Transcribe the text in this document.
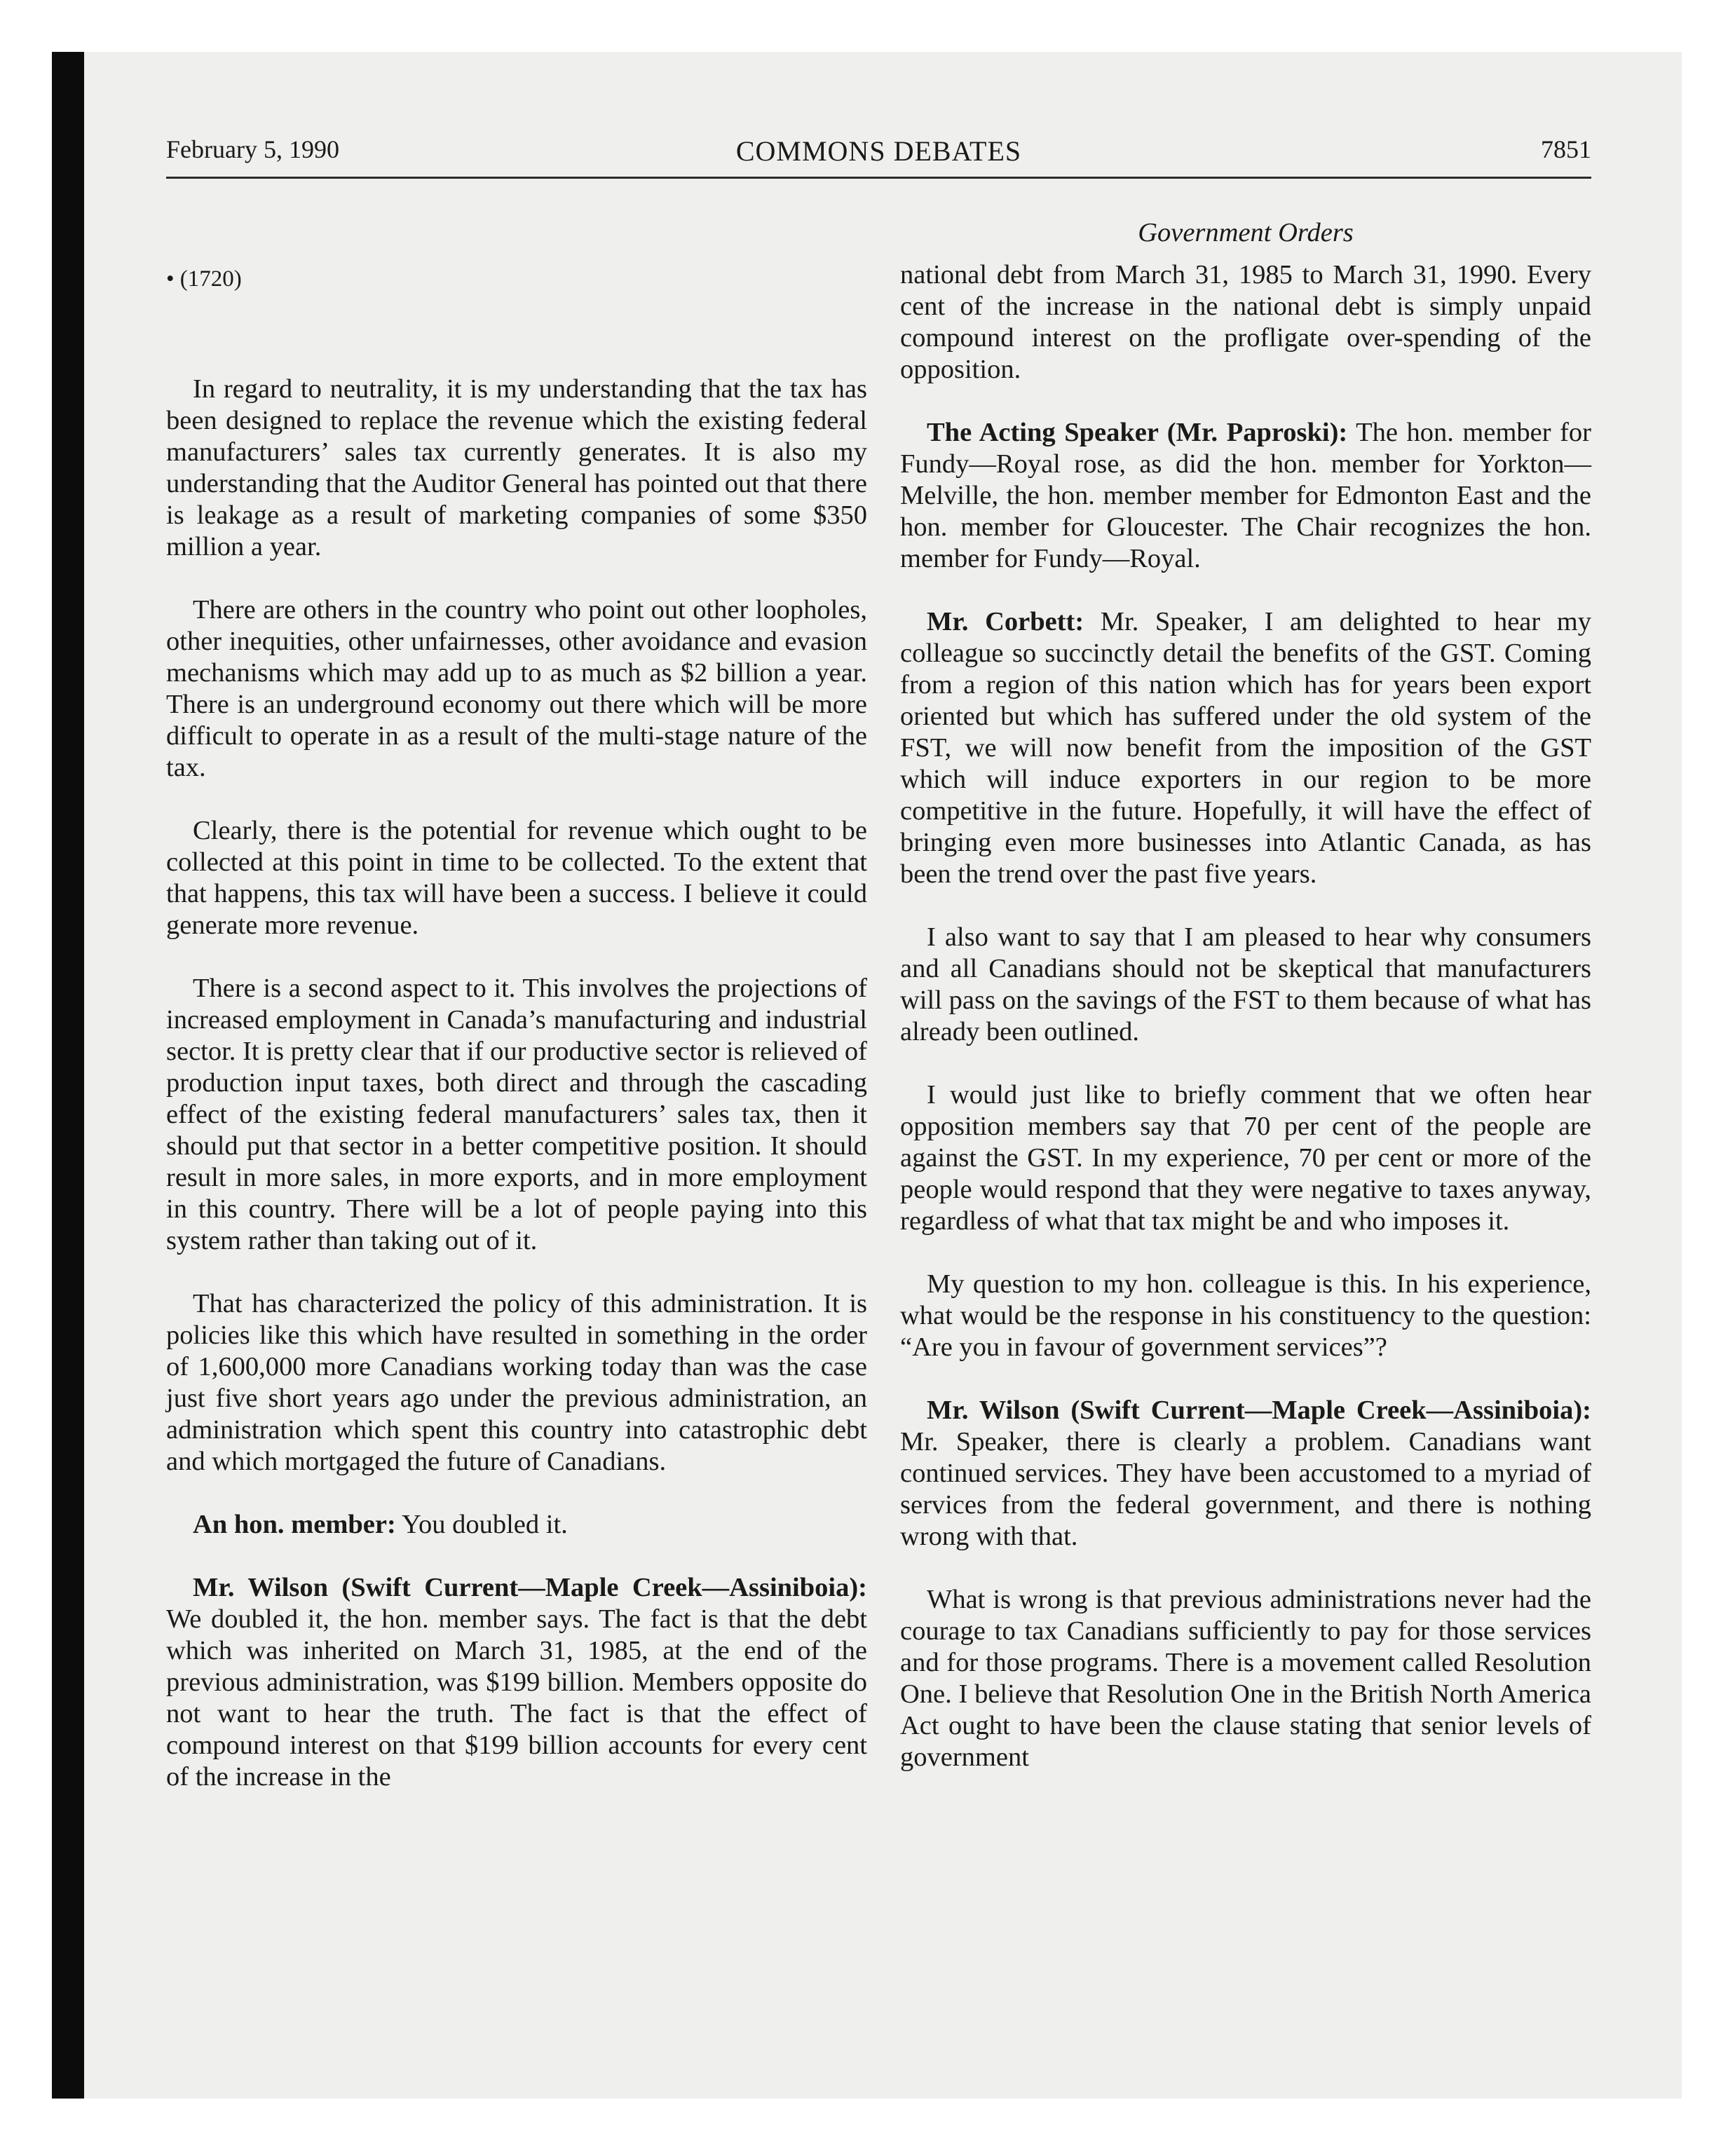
February 5, 1990	COMMONS DEBATES	7851
• (1720)

In regard to neutrality, it is my understanding that the tax has been designed to replace the revenue which the existing federal manufacturers’ sales tax currently generates. It is also my understanding that the Auditor General has pointed out that there is leakage as a result of marketing companies of some $350 million a year.

There are others in the country who point out other loopholes, other inequities, other unfairnesses, other avoidance and evasion mechanisms which may add up to as much as $2 billion a year. There is an underground economy out there which will be more difficult to operate in as a result of the multi-stage nature of the tax.

Clearly, there is the potential for revenue which ought to be collected at this point in time to be collected. To the extent that that happens, this tax will have been a success. I believe it could generate more revenue.

There is a second aspect to it. This involves the projections of increased employment in Canada’s manufacturing and industrial sector. It is pretty clear that if our productive sector is relieved of production input taxes, both direct and through the cascading effect of the existing federal manufacturers’ sales tax, then it should put that sector in a better competitive position. It should result in more sales, in more exports, and in more employment in this country. There will be a lot of people paying into this system rather than taking out of it.

That has characterized the policy of this administration. It is policies like this which have resulted in something in the order of 1,600,000 more Canadians working today than was the case just five short years ago under the previous administration, an administration which spent this country into catastrophic debt and which mortgaged the future of Canadians.

An hon. member: You doubled it.

Mr. Wilson (Swift Current—Maple Creek—Assiniboia): We doubled it, the hon. member says. The fact is that the debt which was inherited on March 31, 1985, at the end of the previous administration, was $199 billion. Members opposite do not want to hear the truth. The fact is that the effect of compound interest on that $199 billion accounts for every cent of the increase in the

Government Orders

national debt from March 31, 1985 to March 31, 1990. Every cent of the increase in the national debt is simply unpaid compound interest on the profligate over-spending of the opposition.

The Acting Speaker (Mr. Paproski): The hon. member for Fundy—Royal rose, as did the hon. member for Yorkton—Melville, the hon. member member for Edmonton East and the hon. member for Gloucester. The Chair recognizes the hon. member for Fundy—Royal.

Mr. Corbett: Mr. Speaker, I am delighted to hear my colleague so succinctly detail the benefits of the GST. Coming from a region of this nation which has for years been export oriented but which has suffered under the old system of the FST, we will now benefit from the imposition of the GST which will induce exporters in our region to be more competitive in the future. Hopefully, it will have the effect of bringing even more businesses into Atlantic Canada, as has been the trend over the past five years.

I also want to say that I am pleased to hear why consumers and all Canadians should not be skeptical that manufacturers will pass on the savings of the FST to them because of what has already been outlined.

I would just like to briefly comment that we often hear opposition members say that 70 per cent of the people are against the GST. In my experience, 70 per cent or more of the people would respond that they were negative to taxes anyway, regardless of what that tax might be and who imposes it.

My question to my hon. colleague is this. In his experience, what would be the response in his constituency to the question: “Are you in favour of government services”?

Mr. Wilson (Swift Current—Maple Creek—Assiniboia): Mr. Speaker, there is clearly a problem. Canadians want continued services. They have been accustomed to a myriad of services from the federal government, and there is nothing wrong with that.

What is wrong is that previous administrations never had the courage to tax Canadians sufficiently to pay for those services and for those programs. There is a movement called Resolution One. I believe that Resolution One in the British North America Act ought to have been the clause stating that senior levels of government
